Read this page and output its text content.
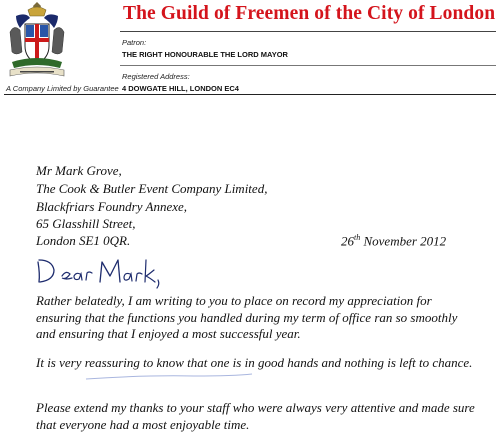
The Guild of Freemen of the City of London
Patron:
THE RIGHT HONOURABLE THE LORD MAYOR
Registered Address:
A Company Limited by Guarantee 4 DOWGATE HILL, LONDON EC4
Mr Mark Grove,
The Cook & Butler Event Company Limited,
Blackfriars Foundry Annexe,
65 Glasshill Street,
London SE1 0QR.	26th November 2012
Rather belatedly, I am writing to you to place on record my appreciation for ensuring that the functions you handled during my term of office ran so smoothly and ensuring that I enjoyed a most successful year.
It is very reassuring to know that one is in good hands and nothing is left to chance.
Please extend my thanks to your staff who were always very attentive and made sure that everyone had a most enjoyable time.
